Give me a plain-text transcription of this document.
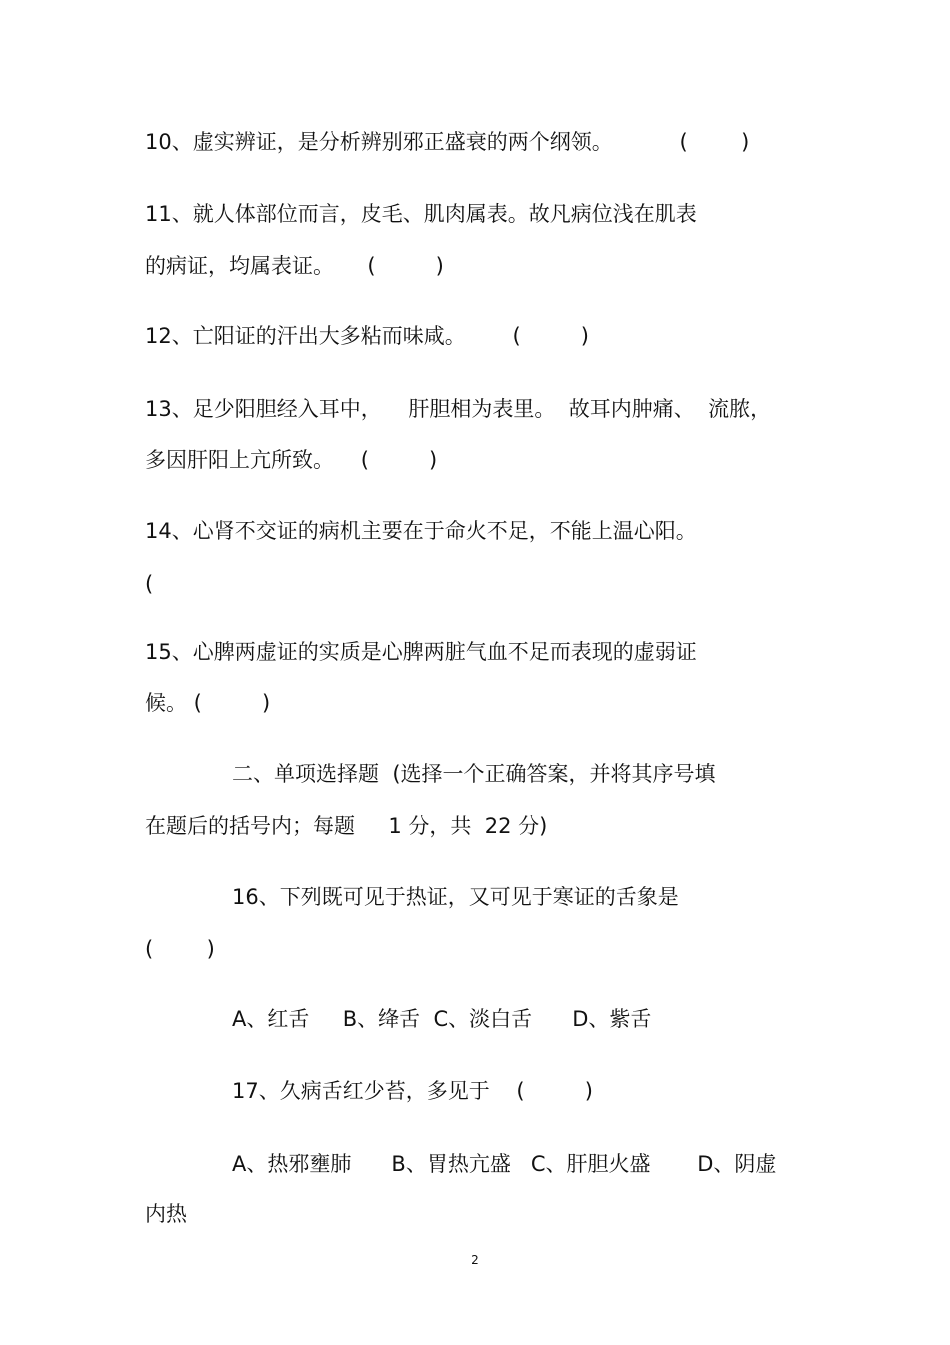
10、虚实辨证，是分析辨别邪正盛衰的两个纲领。          (        )
11、就人体部位而言，皮毛、肌肉属表。故凡病位浅在肌表
的病证，均属表证。     (         )
12、亡阳证的汗出大多粘而味咸。       (         )
13、足少阳胆经入耳中，    肝胆相为表里。  故耳内肿痛、  流脓，
多因肝阳上亢所致。    (         )
14、心肾不交证的病机主要在于命火不足，不能上温心阳。
(
15、心脾两虚证的实质是心脾两脏气血不足而表现的虚弱证
候。 (         )
二、单项选择题  (选择一个正确答案，并将其序号填
在题后的括号内；每题     1 分，共  22 分)
16、下列既可见于热证，又可见于寒证的舌象是
(        )
A、红舌     B、绛舌  C、淡白舌      D、紫舌
17、久病舌红少苔，多见于    (         )
A、热邪壅肺      B、胃热亢盛   C、肝胆火盛       D、阴虚
内热
2
